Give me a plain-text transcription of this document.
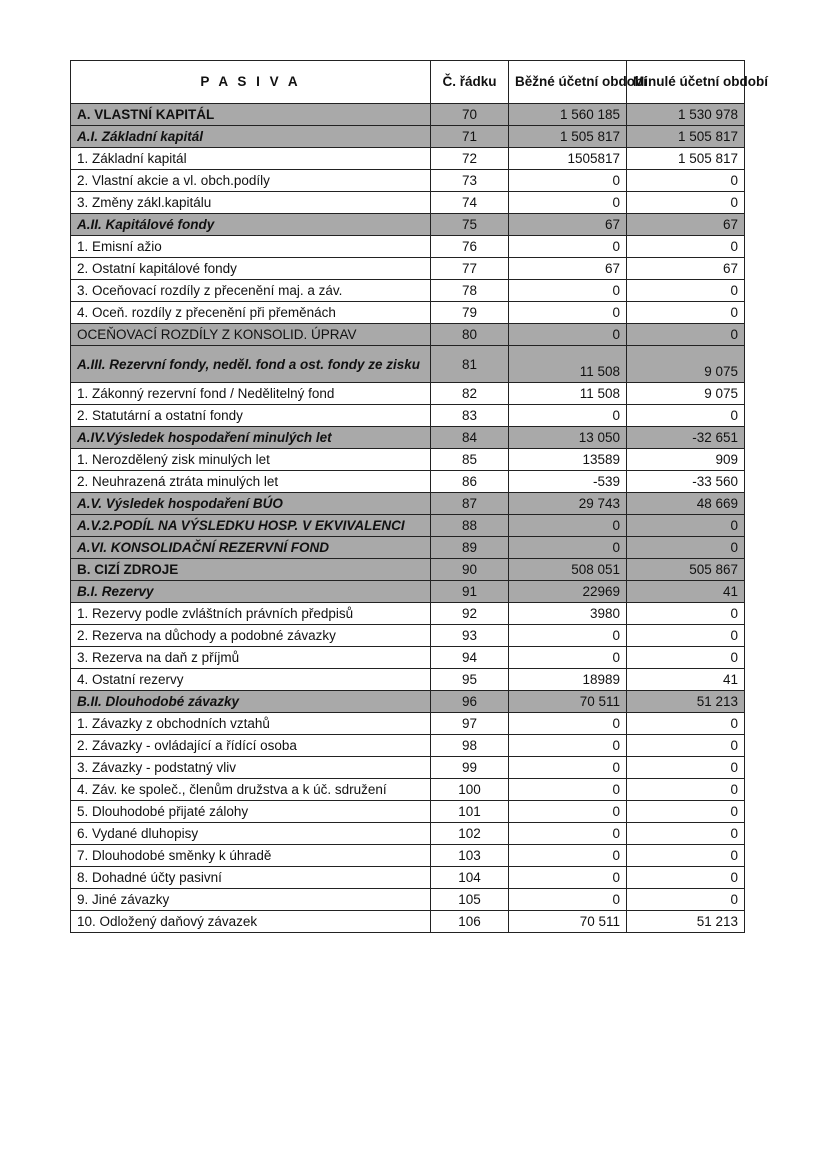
P A S I V A	Č. řádku	Běžné účetní období	Minulé účetní období
A. VLASTNÍ KAPITÁL	70	1 560 185	1 530 978
A.I. Základní kapitál	71	1 505 817	1 505 817
1. Základní kapitál	72	1505817	1 505 817
2. Vlastní akcie a vl. obch.podíly	73	0	0
3. Změny zákl.kapitálu	74	0	0
A.II. Kapitálové fondy	75	67	67
1. Emisní ažio	76	0	0
2. Ostatní kapitálové fondy	77	67	67
3. Oceňovací rozdíly z přecenění maj. a záv.	78	0	0
4. Oceň. rozdíly z přecenění při přeměnách	79	0	0
OCEŇOVACÍ ROZDÍLY Z KONSOLID. ÚPRAV	80	0	0
A.III. Rezervní fondy, neděl. fond a ost. fondy ze zisku	81	11 508	9 075
1. Zákonný rezervní fond / Nedělitelný fond	82	11 508	9 075
2. Statutární a ostatní fondy	83	0	0
A.IV.Výsledek hospodaření minulých let	84	13 050	-32 651
1. Nerozdělený zisk minulých let	85	13589	909
2. Neuhrazená ztráta minulých let	86	-539	-33 560
A.V. Výsledek hospodaření BÚO	87	29 743	48 669
A.V.2.PODÍL NA VÝSLEDKU HOSP. V EKVIVALENCI	88	0	0
A.VI. KONSOLIDAČNÍ REZERVNÍ FOND	89	0	0
B. CIZÍ ZDROJE	90	508 051	505 867
B.I. Rezervy	91	22969	41
1. Rezervy podle zvláštních právních předpisů	92	3980	0
2. Rezerva na důchody a podobné závazky	93	0	0
3. Rezerva na daň z příjmů	94	0	0
4. Ostatní rezervy	95	18989	41
B.II. Dlouhodobé závazky	96	70 511	51 213
1. Závazky z obchodních vztahů	97	0	0
2. Závazky - ovládající a řídící osoba	98	0	0
3. Závazky - podstatný vliv	99	0	0
4. Záv. ke společ., členům družstva a k úč. sdružení	100	0	0
5. Dlouhodobé přijaté zálohy	101	0	0
6. Vydané dluhopisy	102	0	0
7. Dlouhodobé směnky k úhradě	103	0	0
8. Dohadné účty pasivní	104	0	0
9. Jiné závazky	105	0	0
10. Odložený daňový závazek	106	70 511	51 213
